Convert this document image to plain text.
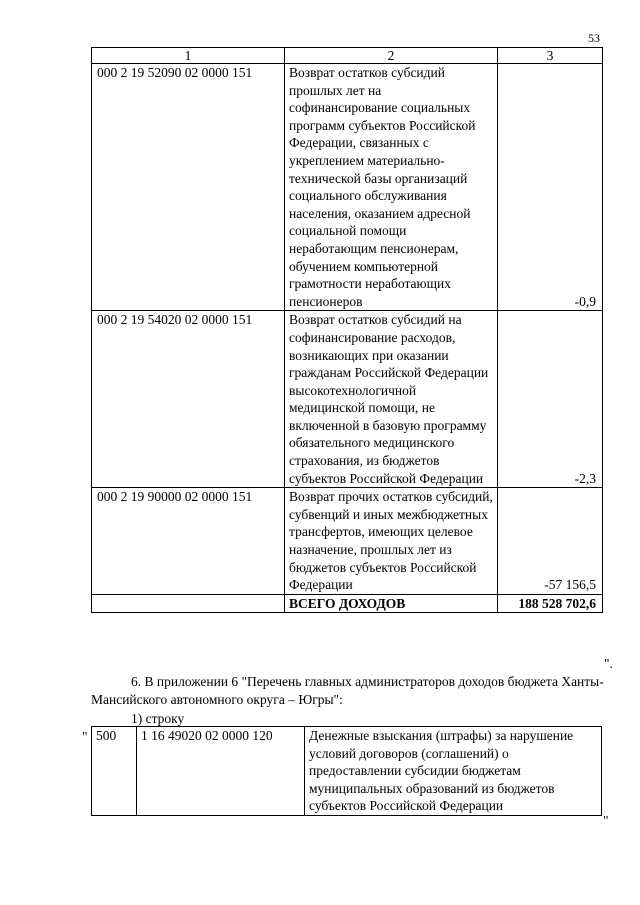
53
1	2	3
000 2 19 52090 02 0000 151	Возврат остатков субсидий прошлых лет на софинансирование социальных программ субъектов Российской Федерации, связанных с укреплением материально-технической базы организаций социального обслуживания населения, оказанием адресной социальной помощи неработающим пенсионерам, обучением компьютерной грамотности неработающих пенсионеров	-0,9
000 2 19 54020 02 0000 151	Возврат остатков субсидий на софинансирование расходов, возникающих при оказании гражданам Российской Федерации высокотехнологичной медицинской помощи, не включенной в базовую программу обязательного медицинского страхования, из бюджетов субъектов Российской Федерации	-2,3
000 2 19 90000 02 0000 151	Возврат прочих остатков субсидий, субвенций и иных межбюджетных трансфертов, имеющих целевое назначение, прошлых лет из бюджетов субъектов Российской Федерации	-57 156,5
	ВСЕГО ДОХОДОВ	188 528 702,6
".
6. В приложении 6 "Перечень главных администраторов доходов бюджета Ханты-Мансийского автономного округа – Югры":
1) строку
" 500	1 16 49020 02 0000 120	Денежные взыскания (штрафы) за нарушение условий договоров (соглашений) о предоставлении субсидии бюджетам муниципальных образований из бюджетов субъектов Российской Федерации
"
